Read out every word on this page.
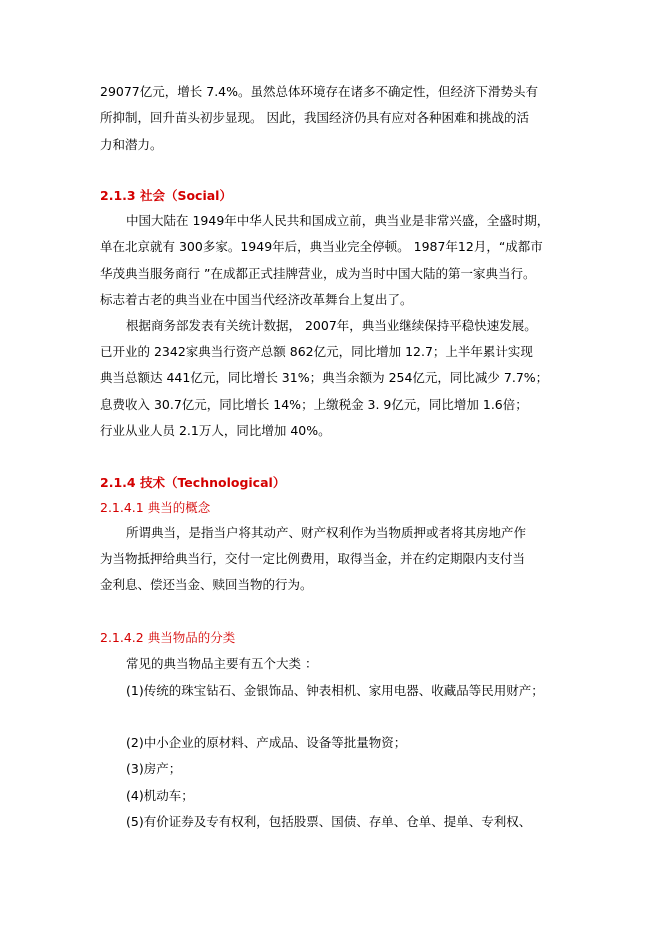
29077亿元，增长 7.4%。虽然总体环境存在诸多不确定性，但经济下滑势头有
所抑制，回升苗头初步显现。 因此，我国经济仍具有应对各种困难和挑战的活
力和潜力。
2.1.3 社会（Social）
中国大陆在 1949年中华人民共和国成立前，典当业是非常兴盛，全盛时期，
单在北京就有 300多家。1949年后，典当业完全停顿。 1987年12月，“成都市
华茂典当服务商行 ”在成都正式挂牌营业，成为当时中国大陆的第一家典当行。
标志着古老的典当业在中国当代经济改革舞台上复出了。
根据商务部发表有关统计数据， 2007年，典当业继续保持平稳快速发展。
已开业的 2342家典当行资产总额 862亿元，同比增加 12.7；上半年累计实现
典当总额达 441亿元，同比增长 31%；典当余额为 254亿元，同比减少 7.7%；
息费收入 30.7亿元，同比增长 14%；上缴税金 3. 9亿元，同比增加 1.6倍；
行业从业人员 2.1万人，同比增加 40%。
2.1.4 技术（Technological）
2.1.4.1 典当的概念
所谓典当，是指当户将其动产、财产权利作为当物质押或者将其房地产作
为当物抵押给典当行，交付一定比例费用，取得当金，并在约定期限内支付当
金利息、偿还当金、赎回当物的行为。
2.1.4.2 典当物品的分类
常见的典当物品主要有五个大类 ：
(1)传统的珠宝钻石、金银饰品、钟表相机、家用电器、收藏品等民用财产；
(2)中小企业的原材料、产成品、设备等批量物资；
(3)房产；
(4)机动车；
(5)有价证券及专有权利，包括股票、国债、存单、仓单、提单、专利权、
